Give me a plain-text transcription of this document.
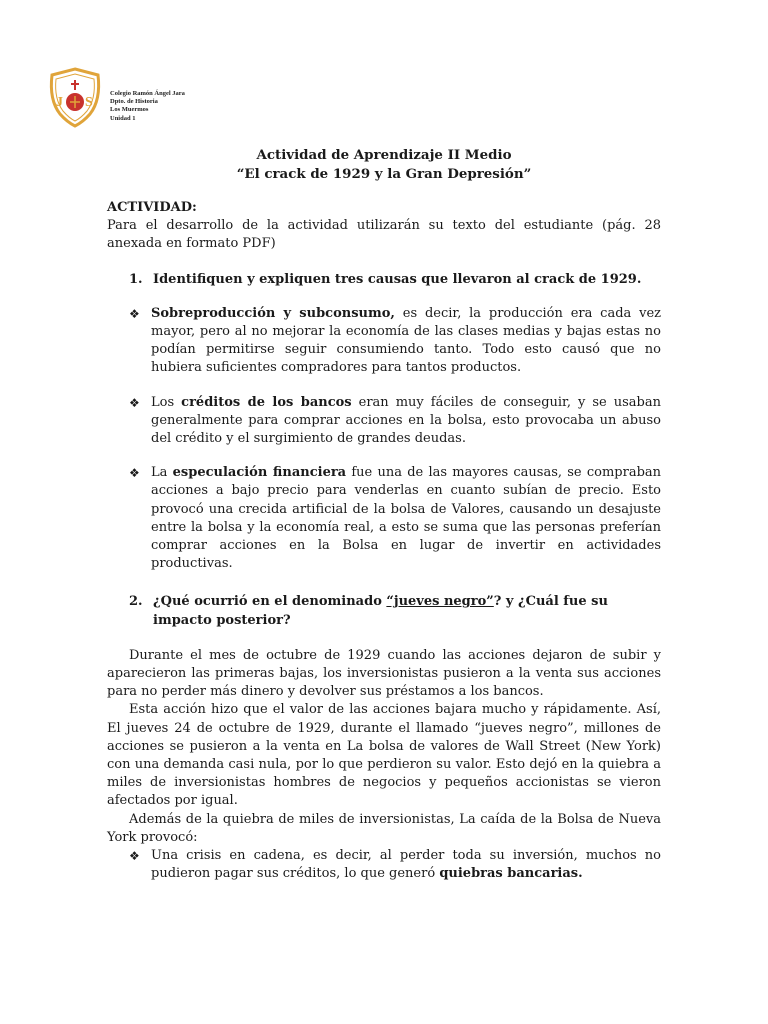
J S
Colegio Ramón Ángel Jara
Dpto. de Historia
Los Muermos
Unidad 1
Actividad de Aprendizaje II Medio
“El crack de 1929 y la Gran Depresión”
ACTIVIDAD:
Para el desarrollo de la actividad utilizarán su texto del estudiante (pág. 28 anexada en formato PDF)
1. Identifiquen y expliquen tres causas que llevaron al crack de 1929.
❖ Sobreproducción y subconsumo, es decir, la producción era cada vez mayor, pero al no mejorar la economía de las clases medias y bajas estas no podían permitirse seguir consumiendo tanto. Todo esto causó que no hubiera suficientes compradores para tantos productos.
❖ Los créditos de los bancos eran muy fáciles de conseguir, y se usaban generalmente para comprar acciones en la bolsa, esto provocaba un abuso del crédito y el surgimiento de grandes deudas.
❖ La especulación financiera fue una de las mayores causas, se compraban acciones a bajo precio para venderlas en cuanto subían de precio. Esto provocó una crecida artificial de la bolsa de Valores, causando un desajuste entre la bolsa y la economía real, a esto se suma que las personas preferían comprar acciones en la Bolsa en lugar de invertir en actividades productivas.
2. ¿Qué ocurrió en el denominado “jueves negro”? y ¿Cuál fue su impacto posterior?
Durante el mes de octubre de 1929 cuando las acciones dejaron de subir y aparecieron las primeras bajas, los inversionistas pusieron a la venta sus acciones para no perder más dinero y devolver sus préstamos a los bancos.
Esta acción hizo que el valor de las acciones bajara mucho y rápidamente. Así, El jueves 24 de octubre de 1929, durante el llamado “jueves negro”, millones de acciones se pusieron a la venta en La bolsa de valores de Wall Street (New York) con una demanda casi nula, por lo que perdieron su valor. Esto dejó en la quiebra a miles de inversionistas hombres de negocios y pequeños accionistas se vieron afectados por igual.
Además de la quiebra de miles de inversionistas, La caída de la Bolsa de Nueva York provocó:
❖ Una crisis en cadena, es decir, al perder toda su inversión, muchos no pudieron pagar sus créditos, lo que generó quiebras bancarias.
